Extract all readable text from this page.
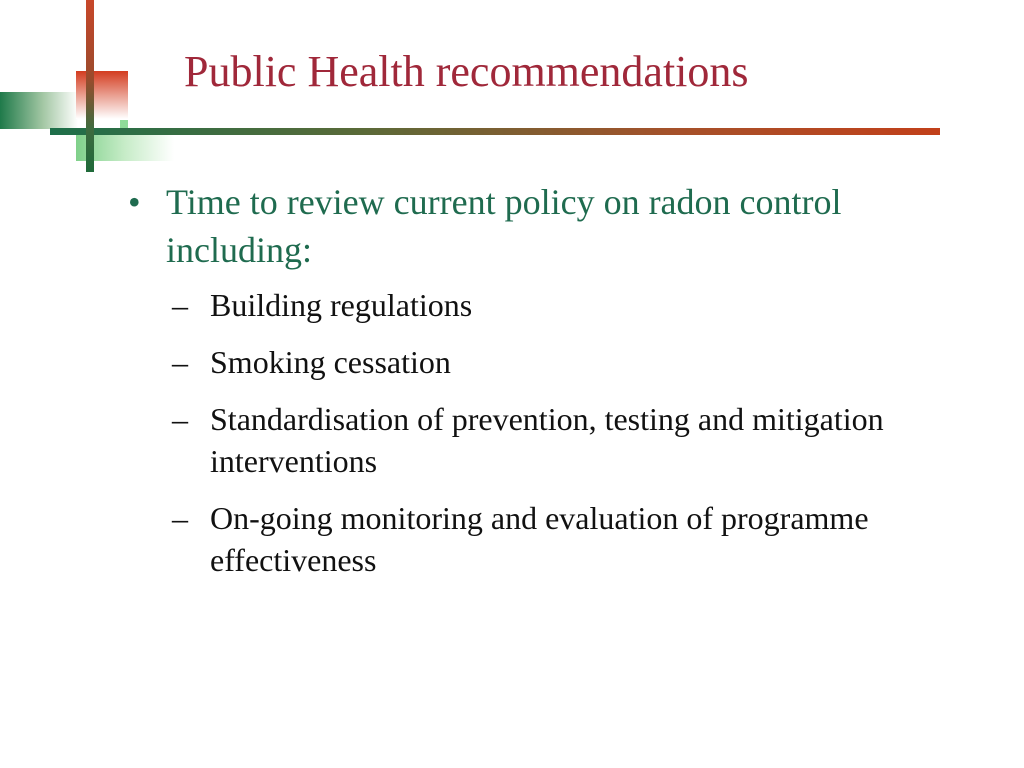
Public Health recommendations
• Time to review current policy on radon control including:
– Building regulations
– Smoking cessation
– Standardisation of prevention, testing and mitigation interventions
– On-going monitoring and evaluation of programme effectiveness
